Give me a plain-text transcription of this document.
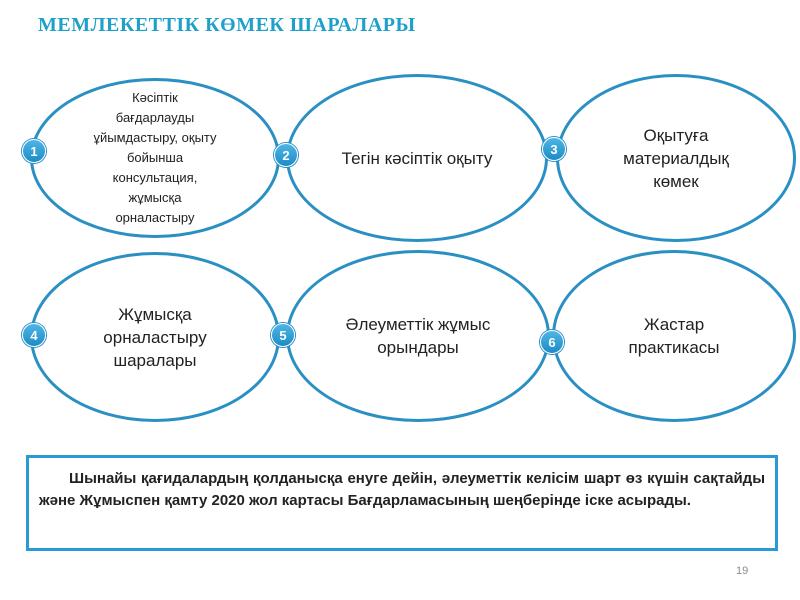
МЕМЛЕКЕТТІК КӨМЕК ШАРАЛАРЫ
Кәсіптік бағдарлауды ұйымдастыру, оқыту бойынша консультация, жұмысқа орналастыру
Тегін кәсіптік оқыту
Оқытуға материалдық көмек
Жұмысқа орналастыру шаралары
Әлеуметтік жұмыс орындары
Жастар практикасы
1	2	3
4	5	6
Шынайы қағидалардың қолданысқа енуге дейін, әлеуметтік келісім шарт өз күшін сақтайды және Жұмыспен қамту 2020 жол картасы Бағдарламасының шеңберінде іске асырады.
19
